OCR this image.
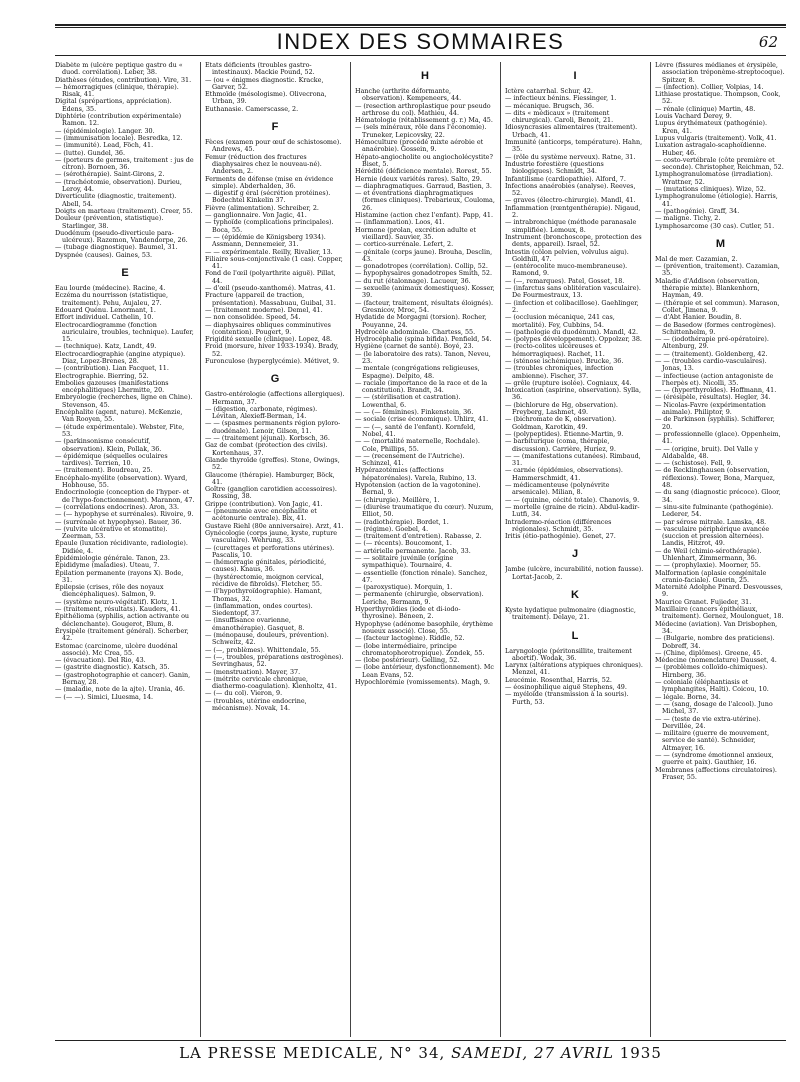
INDEX DES SOMMAIRES	62

Diabète m (ulcère peptique gastro du « duod. corrélation). Leber, 38.

Diathèses (études, contribution). Vire, 31.

— hémorragiques (clinique, thérapie). Risak, 41.

Digital (sprépartions, appréciation). Edens, 35.

Diphtérie (contribution expérimentale) Ramon. 12.

— (épidémiologie). Langer. 30.

— (immunisation locale). Besredka, 12.

— (immunité). Lead, Föch, 41.

— (lutte). Gundel, 36.

— (porteurs de germes, traitement : jus de citron). Bornoen, 36.

— (sérothérapie). Saint-Girons, 2.

— (trachéotomie, observation). Durieu, Leroy, 44.

Diverticulite (diagnostic, traitement). Abell, 54.

Doigts en marteau (traitement). Creer, 55.

Douleur (prévention, statistique). Starlinger, 38.

Duodénum (pseudo-diverticule para-ulcéreux). Razemon, Vandendorpe, 26.

— (tubage diagnostique). Baumel, 31.

Dyspnée (causes). Gaines, 53.

E

Eau lourde (médecine). Racine, 4.

Eczéma du nourrisson (statistique, traitement). Pehu, Aujaleu, 27.

Edouard Quénu. Lenormant, 1.

Effort individuel. Cathelin, 10.

Electrocardiogramme (fonction auriculaire, troubles, technique). Laufer, 15.

— (technique). Katz, Landt, 49.

Electrocardiographie (angine atypique). Diaz, Lopez-Brenes, 28.

— (contribution). Lian Facquet, 11.

Electrographie. Bierring, 52.

Embolies gazeuses (manifestations encéphalitiques) Lhermitte, 20.

Embryologie (recherches, ligne en Chine). Stevenson, 45.

Encéphalite (agent, nature). McKenzie, Van Rooyen, 55.

— (étude expérimentale). Webster, Fite, 53.

— (parkinsonisme consécutif, observation). Klein, Pollak, 36.

— épidémique (séquelles oculaires tardives). Terrien, 10.

— (traitement). Boudreau, 25.

Encéphalo-myélite (observation). Wyard, Hobhouse, 55.

Endocrinologie (conception de l'hyper- et de l'hypo-fonctionnement). Maranon, 47.

— (corrélations endocrines). Aron, 33.

— (— hypophyse et surrénales). Rivoire, 9.

— (surrénale et hypophyse). Bauer, 36.

— (vulvite ulcérative et stomatite). Zeerman, 53.

Épaule (luxation récidivante, radiologie). Didiée, 4.

Épidémiologie générale. Tanon, 23.

Épididyme (maladies). Uteau, 7.

Épilation permanente (rayons X). Bode, 31.

Épilepsie (crises, rôle des noyaux diencéphaliques). Salmon, 9.

— (système neuro-végétatif). Klotz, 1.

— (traitement, résultats). Kauders, 41.

Épithélioma (syphilis, action activante ou déclenchante). Gougerot, Blum, 8.

Érysipèle (traitement général). Scherber, 42.

Estomac (carcinome, ulcère duodénal associé). Mc Crea, 55.

— (évacuation). Del Rio, 43.

— (gastrite diagnostic). Katsch, 35.

— (gastrophotographie et cancer). Ganin, Bernay, 28.

— (maladie, note de la ajte). Urania, 46.

— (— —). Simici, Lluesma, 14.

États déficients (troubles gastro-intestinaux). Mackie Pound, 52.

— (ou « énigmes diagnostic. Kracke, Garver, 52.

Ethmoïde (mésologisme). Olivecrona, Urban, 39.

Euthanasie. Camerscasse, 2.

F

Fèces (examen pour œuf de schistosome). Andrews, 45.

Femur (réduction des fractures diaphysaires chez le nouveau-né). Andersen, 2.

Ferments de défense (mise en évidence simple). Abderhalden, 36.

— digestif g éral (sécrétion protéines). Bodechtel Kinkelin 37.

Fièvre (alimentation). Schreiber, 2.

— ganglionnaire. Von Jagic, 41.

— typhoïde (complications principales). Boca, 55.

— — (épidémie de Königsberg 1934). Assmann, Dennemeier, 31.

— — expérimentale. Reilly, Rivalier, 13.

Filiaire sous-conjonctivale (1 cas). Copper, 41.

Fond de l'œil (polyarthrite aiguë). Pillat, 44.

— d'œil (pseudo-xanthomé). Matras, 41.

Fracture (appareil de traction, présentation). Massabuau, Guibal, 31.

— (traitement moderne). Demel, 41.

— non consolidée. Speed, 54.

— diaphysaires obliques comminutives (contention). Pougert, 9.

Frigidité sexuelle (clinique). Lopez, 48.

Froid (morsure, hiver 1933-1934). Brady, 52.

Furonculose (hyperglycémie). Métivet, 9.

G

Gastro-entérologie (affections allergiques). Hermann, 37.

— (digestion, carbonate, régimes). Lévitan, Alexieff-Berman, 14.

— — (spasmes permanents région pyloro-duodénale). Lenoir, Gilson, 11.

— — (traitement jéjunal). Korbsch, 36.

Gaz de combat (protection des civils). Kortenhaus, 37.

Glande thyroïde (greffes). Stone, Owings, 52.

Glaucome (thérapie). Hamburger, Böck, 41.

Goître (ganglion carotidien accessoires). Rossing, 38.

Grippe (contribution). Von Jagic, 41.

— (pneumonie avec encéphalite et acétonurie centrale). Bix, 41.

Gustave Riehl (80e anniversaire). Arzt, 41.

Gynécologie (corps jaune, kyste, rupture vasculaire). Wehrung, 33.

— (curettages et perforations utérines). Pascalis, 10.

— (hémorragie génitales, périodicité, causes). Knaus, 36.

— (hystérectomie, moignon cervical, récidive de fibroïds). Fletcher, 55.

— (l'hypothyroïdographie). Hamant, Thomas, 32.

— (inflammation, ondes courtes). Siedentopf, 37.

— (insuffisance ovarienne, émanothérapie). Gasquet, 8.

— (ménopause, douleurs, prévention). Schweitz, 42.

— (—, problèmes). Whittendale, 55.

— (—, troubles, préparations œstrogènes). Sevringhaus, 52.

— (menstruation). Mayer, 37.

— (métrite cervicale chronique, diathermo-coagulation). Kienholtz, 41.

— (— du col). Vieron, 9.

— (troubles, utérine endocrine, mécanisme). Novak, 14.

H

Hanche (arthrite déformante, observation). Kempeneers, 44.

— (resection arthroplastique pour pseudo arthrose du col). Mathieu, 44.

Hématologie (rétablissement g. r.) Ma, 45.

— (sels minéraux, rôle dans l'économie). Truneker, Lepicovsky, 22.

Hémoculture (procédé mixte aérobie et anaérobie). Gossein, 9.

Hépato-angiocholite ou angiocholécystite? Biset, 5.

Hérédité (déficience mentale). Rorest, 55.

Hernie (deux variétés rares). Salto, 29.

— diaphragmatiques. Garraud, Bastien, 3.

— et éventrations diaphragmatiques (formes cliniques). Trebarieux, Couloma, 26.

Histamine (action chez l'enfant). Papp, 41.

— (inflammation). Loos, 41.

Hormone (prolan, excrétion adulte et vieillard). Sauvier, 35.

— cortico-surrénale. Lefert, 2.

— génitale (corps jaune). Brouha, Desclin, 43.

— gonadotropes (corrélation). Collip, 52.

— hypophysaires gonadotropes Smith, 52.

— du rut (étalonnage). Lacueur, 36.

— sexuelle (animaux domestiques). Kosser, 39.

— (facteur, traitement, résultats éloignés). Gresnicov, Mroc, 54.

Hydatide de Morgagni (torsion). Rocher, Pouyanne, 24.

Hydrocèle abdominale. Chartess, 55.

Hydrocéphalie (spina bifida). Penfield, 54.

Hygiène (carnet de santé). Boyé, 23.

— (le laboratoire des rats). Tanon, Neveu, 23.

— mentale (congrégations religieuses, Espagne). Delpito, 48.

— raciale (importance de la race et de la constitution). Brandt, 34.

— — (stérilisation et castration). Lowenthal, 6.

— — (— féminines). Finkenstein, 36.

— sociale (crise économique). Uhlirz, 41.

— — (—, santé de l'enfant). Kornfeld, Nobel, 41.

— — (mortalité maternelle, Rochdale). Cole, Phillips, 55.

— — (recensement de l'Autriche). Schinzel, 41.

Hypérazotémies (affections hépatorénales). Varela, Rubino, 13.

Hypotension (action de la vagotonine). Bernal, 9.

— (chirurgie). Meillère, 1.

— (diurèse traumatique du cœur). Nuzum, Elliot, 50.

— (radiothérapie). Bordet, 1.

— (régime). Goebel, 4.

— (traitement d'entretien). Rabasse, 2.

— (— récents). Boucomont, 1.

— artérielle permanente. Jacob, 33.

— — solitaire juvénile (origine sympathique). Tournaire, 4.

— essentielle (fonction rénale). Sanchez, 47.

— (paroxystique). Morquin, 1.

— permanente (chirurgie, observation). Leriche, Bermann, 9.

Hyperthyroïdies (iode et di-iodo-thyrosine). Béneen, 2.

Hypophyse (adénome basophile, érythème noueux associé). Close, 55.

— (facteur lactogène). Riddle, 52.

— (lobe intermédiaire, principe chromatophorotropique). Zondek, 55.

— (lobe postérieur). Gelling, 52.

— (lobe antérieur, dysfonctionnement). Mc Lean Evans, 52.

Hypochlorémie (vomissements). Magh, 9.

I

Ictère catarrhal. Schur, 42.

— infectieux bénins. Fiessinger, 1.

— mécanique. Brugsch, 36.

— dits « médicaux » (traitement chirurgical). Caroli, Benoit, 21.

Idiosyncrasies alimentaires (traitement). Urbach, 41.

Immunité (anticorps, température). Hahn, 35.

— (rôle du système nerveux). Ratne, 31.

Industrie forestière (questions biologiques). Schmidt, 34.

Infantilisme (cardiopathie). Alford, 7.

Infections anaérobies (analyse). Reeves, 52.

— graves (électro-chirurgie). Mandl, 41.

Inflammation (rœntgenthérapie). Nigaud, 2.

— intrabronchique (méthode paranasale simplifiée). Lemoux, 8.

Instrument (bronchoscope, protection des dents, appareil). Israel, 52.

Intestin (côlon pelvien, volvulus aigu). Goldhill, 47.

— (entérocolite muco-membraneuse). Ramond, 9.

— (—, remarques). Patel, Gosset, 18.

— (infarctus sans oblitération vasculaire). De Fourmestraux, 13.

— (infection et colibacillose). Gaehlinger, 2.

— (occlusion mécanique, 241 cas, mortalité). Fey, Cubbins, 54.

— (pathologie du duodénum). Mandl, 42.

— (polypes développement). Oppolzer, 38.

— (recto-colites ulcéreuses et hémorragiques). Rachet, 11.

— (sténose ischémique). Brucke, 36.

— (troubles chroniques, infection ambienne). Fischer, 37.

— grêle (rupture isolée). Cogniaux, 44.

Intoxication (aspirine, observation). Sylla, 36.

— (bichlorure de Hg, observation). Freyberg, Lashmet, 49.

— (bichromate de K, observation). Goldman, Karotkin, 49.

— (polypeptides). Étienne-Martin, 9.

— barbiturique (coma, thérapie, discussion). Carrière, Huriez, 9.

— — (manifestations cutanées). Rimbaud, 31.

— carnée (épidémies, observations). Hammerschmidt, 41.

— médicamenteuse (polynévrite arsenicale). Milian, 8.

— — (quinine, cécité totale). Chanovis, 9.

— mortelle (graine de ricin). Abdul-kadir-Lutfi, 34.

Intradermo-réaction (différences régionales). Schmidt, 35.

Iritis (étio-pathogénie). Genet, 27.

J

Jambe (ulcère, incurabilité, notion fausse). Lortat-Jacob, 2.

K

Kyste hydatique pulmonaire (diagnostic, traitement). Delaye, 21.

L

Laryngologie (péritonsillite, traitement abortif). Wodak, 36.

Larynx (altérations atypiques chroniques). Menzel, 41.

Leucémie. Rosenthal, Harris, 52.

— éosinophilique aiguë Stephens, 49.

— myéloïde (transmission à la souris). Furth, 53.

Lèvre (fissures médianes et érysipèle, association tréponème-streptocoque). Spitzer, 8.

— (infection). Collier, Volpias, 14.

Lithiase prostatique. Thompson, Cook, 52.

— rénale (clinique) Martin, 48.

Louis Vachard Derey, 9.

Lupus érythémateux (pathogénie). Kren, 41.

Lupus vulgaris (traitement). Volk, 41.

Luxation astragalo-scaphoïdienne. Huber, 46.

— costo-vertébrale (côte première et seconde). Christopher, Reichman, 52.

Lymphogranulomatose (irradiation). Wrattner, 52.

— (mutations cliniques). Wize, 52.

Lymphogranulome (étiologie). Harris, 41.

— (pathogénie). Graff, 34.

— maligne. Tichy, 2.

Lymphosarcome (30 cas). Cutler, 51.

M

Mal de mer. Cazamian, 2.

— (prévention, traitement). Cazamian, 35.

Maladie d'Addison (observation, thérapie mixte). Blankenhorn, Hayman, 49.

— (thérapie et sel commun). Marason, Collet, Jimena, 9.

— d'Abt Hanier. Boudin, 8.

— de Basedow (formes centrogènes). Schittenhelm, 9.

— — (iodothérapie pré-opératoire). Altenburg, 29.

— — (traitement). Goldenberg, 42.

— — (troubles cardio-vasculaires). Jonas, 13.

— infectieuse (action antagoniste de l'herpès et). Nicolli, 35.

— — (hyperthyroïdes). Hoffmann, 41.

— (érésipèle, résultats). Hegler, 34.

— Nicolas-Favre (expérimentation animale). Philiptor, 9.

— de Parkinson (syphilis). Schifferer, 20.

— professionnelle (glace). Oppenheim, 41.

— — (origine, bruit). Del Valle y Aldabalde, 48.

— — (schistose). Fell, 9.

— de Recklinghausen (observation, réflexions). Tower, Bona, Marquez, 48.

— du sang (diagnostic précoce). Gloor, 34.

— sinu-site fulminante (pathogénie). Lederer, 54.

— par sérose mitrale. Lamska, 48.

— vasculaire périphérique avancée (succion et pression alternées). Landis, Hitzrot, 49.

— de Weil (chimio-sérothérapie). Uhlenhart, Zimmermann, 36.

— — (prophylaxie). Moorner, 55.

Malformation (aplasie congénitale cranio-faciale). Guerin, 25.

Maternité Adolphe Pinard. Desvousses, 9.

Maurice Granet. Fujieder, 31.

Maxillaire (cancers épithéliaux, traitement). Gernez, Moulonguet, 18.

Médecine (aviation). Van Drisbophen, 34.

— (Bulgarie, nombre des praticiens). Dobreff, 34.

— (Chine, diplômes). Greene, 45.

Médecine (nomenclature) Dausset, 4.

— (problèmes colloïdo-chimiques). Hirnberg, 36.

— coloniale (éléphantiasis et lymphangites, Haïti). Coicou, 10.

— légale. Borne, 34.

— — (sang, dosage de l'alcool). Juno Michel, 37.

— — (teste de vie extra-utérine). Dervillée, 24.

— militaire (guerre de mouvement, service de santé). Schneider, Altmayer, 16.

— — (syndrome émotionnel anxieux, guerre et paix). Gauthier, 16.

Membranes (affections circulatoires). Fraser, 55.

LA PRESSE MEDICALE, N° 34, SAMEDI, 27 AVRIL 1935
